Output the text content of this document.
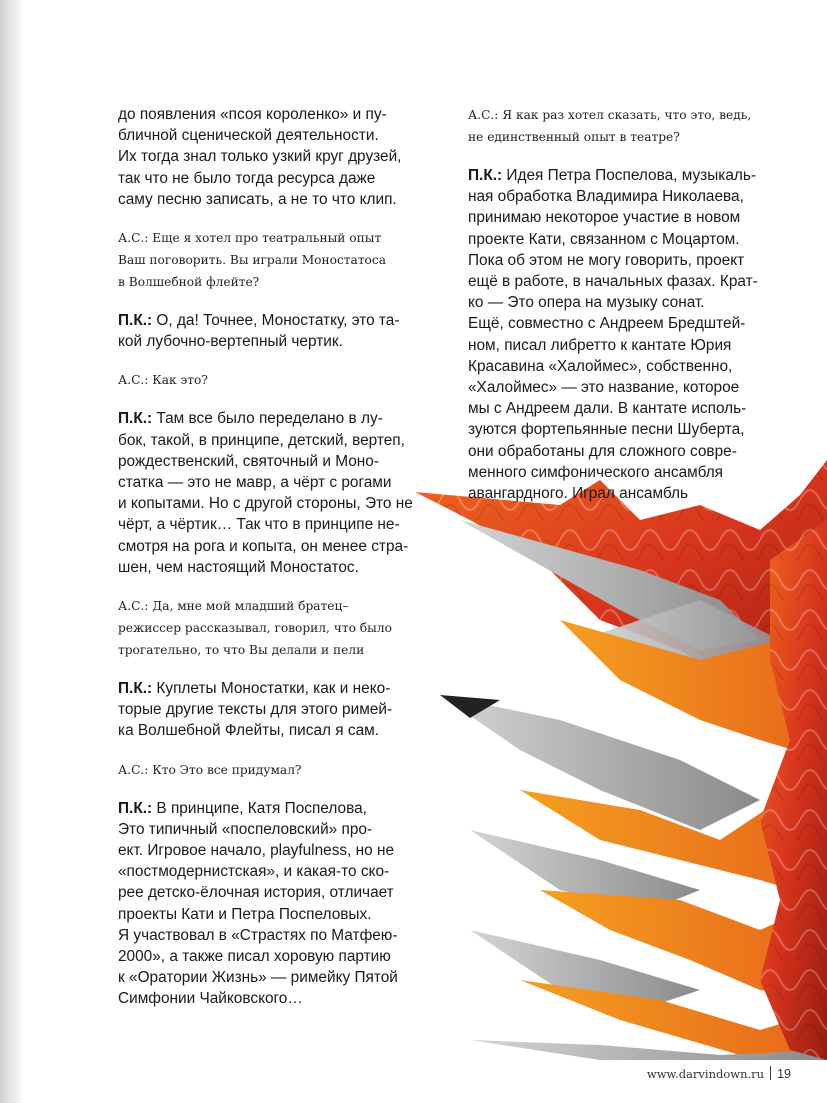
до появления «псоя короленко» и пу-
бличной сценической деятельности.
Их тогда знал только узкий круг друзей,
так что не было тогда ресурса даже
саму песню записать, а не то что клип.

А.С.: Еще я хотел про театральный опыт
Ваш поговорить. Вы играли Моностатоса
в Волшебной флейте?

П.К.: О, да! Точнее, Моностатку, это та-
кой лубочно-вертепный чертик.

А.С.: Как это?

П.К.: Там все было переделано в лу-
бок, такой, в принципе, детский, вертеп,
рождественский, святочный и Моно-
статка — это не мавр, а чёрт с рогами
и копытами. Но с другой стороны, Это не
чёрт, а чёртик… Так что в принципе не-
смотря на рога и копыта, он менее стра-
шен, чем настоящий Моностатос.

А.С.: Да, мне мой младший братец–
режиссер рассказывал, говорил, что было
трогательно, то что Вы делали и пели

П.К.: Куплеты Моностатки, как и неко-
торые другие тексты для этого римей-
ка Волшебной Флейты, писал я сам.

А.С.: Кто Это все придумал?

П.К.: В принципе, Катя Поспелова,
Это типичный «поспеловский» про-
ект. Игровое начало, playfulness, но не
«постмодернистская», и какая-то ско-
рее детско-ёлочная история, отличает
проекты Кати и Петра Поспеловых.
Я участвовал в «Страстях по Матфею-
2000», а также писал хоровую партию
к «Оратории Жизнь» — римейку Пятой
Симфонии Чайковского…

А.С.: Я как раз хотел сказать, что это, ведь,
не единственный опыт в театре?

П.К.: Идея Петра Поспелова, музыкаль-
ная обработка Владимира Николаева,
принимаю некоторое участие в новом
проекте Кати, связанном с Моцартом.
Пока об этом не могу говорить, проект
ещё в работе, в начальных фазах. Крат-
ко — Это опера на музыку сонат.
Ещё, совместно с Андреем Бредштей-
ном, писал либретто к кантате Юрия
Красавина «Халоймес», собственно,
«Халоймес» — это название, которое
мы с Андреем дали. В кантате исполь-
зуются фортепьянные песни Шуберта,
они обработаны для сложного совре-
менного симфонического ансамбля
авангардного. Играл ансамбль

www.darvindown.ru 19
